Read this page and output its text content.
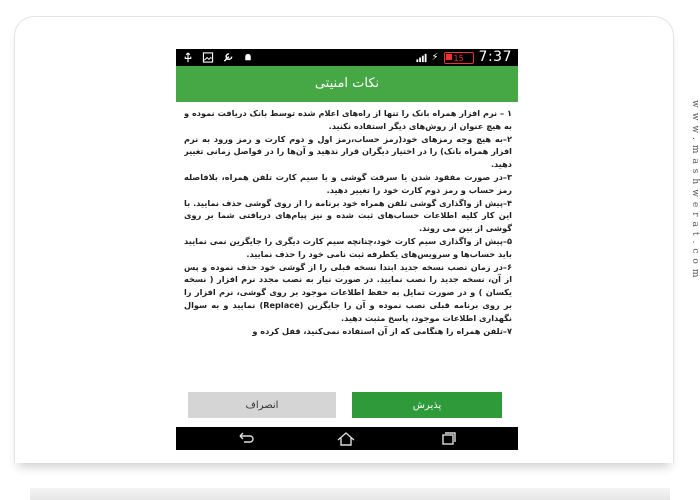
⚡ 15 7:37
نکات امنیتی

۱ – نرم افزار همراه بانک را تنها از راه‌های اعلام شده توسط بانک دریافت نموده و به هیچ عنوان از روش‌های دیگر استفاده نکنید.

۲–به هیچ وجه رمزهای خود(رمز حساب،رمز اول و دوم کارت و رمز ورود به نرم افزار همراه بانک) را در اختیار دیگران قرار ندهید و آن‌ها را در فواصل زمانی تغییر دهید.

۳–در صورت مفقود شدن یا سرقت گوشی و یا سیم کارت تلفن همراه، بلافاصله رمز حساب و رمز دوم کارت خود را تغییر دهید.

۴–پیش از واگذاری گوشی تلفن همراه خود برنامه را از روی گوشی حذف نمایید. با این کار کلیه اطلاعات حساب‌های ثبت شده و نیز پیام‌های دریافتی شما بر روی گوشی از بین می روند.

۵–پیش از واگذاری سیم کارت خود،چنانچه سیم کارت دیگری را جایگزین نمی نمایید باید حساب‌ها و سرویس‌های یکطرفه ثبت نامی خود را حذف نمایید.

۶–در زمان نصب نسخه جدید ابتدا نسخه قبلی را از گوشی خود حذف نموده و پس از آن، نسخه جدید را نصب نمایید. در صورت نیاز به نصب مجدد نرم افزار ( نسخه یکسان ) و در صورت تمایل به حفظ اطلاعات موجود بر روی گوشی، نرم افزار را بر روی برنامه قبلی نصب نموده و آن را جایگزین (Replace) نمایید و به سوال نگهداری اطلاعات موجود، پاسخ مثبت دهید.

۷–تلفن همراه را هنگامی که از آن استفاده نمی‌کنید، قفل کرده و

انصراف	پذیرش
www.mashwerat.com
